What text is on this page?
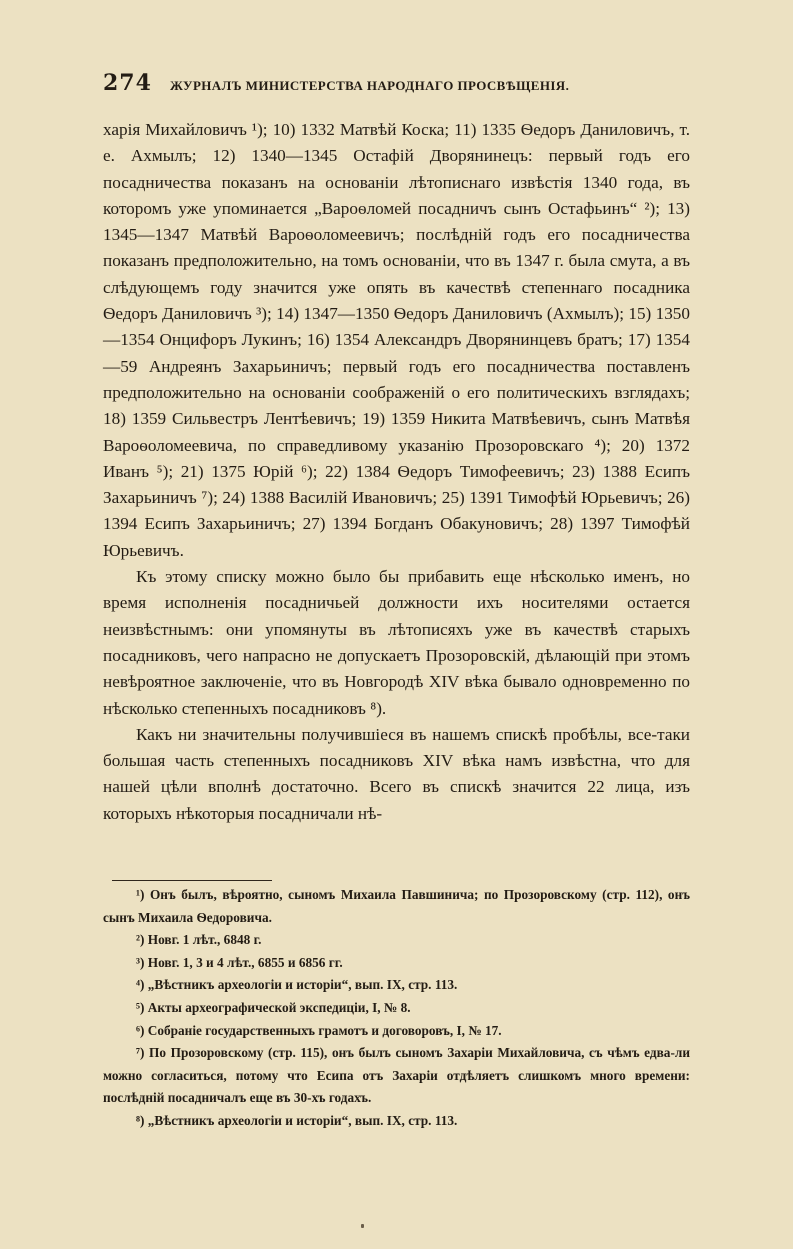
274 ЖУРНАЛЪ МИНИСТЕРСТВА НАРОДНАГО ПРОСВѢЩЕНІЯ.

харія Михайловичъ ¹); 10) 1332 Матвѣй Коска; 11) 1335 Ѳедоръ Даниловичъ, т. е. Ахмылъ; 12) 1340—1345 Остафій Дворянинецъ: первый годъ его посадничества показанъ на основаніи лѣтописнаго извѣстія 1340 года, въ которомъ уже упоминается „Вароѳломей посадничъ сынъ Остафьинъ“ ²); 13) 1345—1347 Матвѣй Вароѳоломеевичъ; послѣдній годъ его посадничества показанъ предположительно, на томъ основаніи, что въ 1347 г. была смута, а въ слѣдующемъ году значится уже опять въ качествѣ степеннаго посадника Ѳедоръ Даниловичъ ³); 14) 1347—1350 Ѳедоръ Даниловичъ (Ахмылъ); 15) 1350—1354 Онцифоръ Лукинъ; 16) 1354 Александръ Дворянинцевъ братъ; 17) 1354—59 Андреянъ Захарьиничъ; первый годъ его посадничества поставленъ предположительно на основаніи соображеній о его политическихъ взглядахъ; 18) 1359 Сильвестръ Лентѣевичъ; 19) 1359 Никита Матвѣевичъ, сынъ Матвѣя Вароѳоломеевича, по справедливому указанію Прозоровскаго ⁴); 20) 1372 Иванъ ⁵); 21) 1375 Юрій ⁶); 22) 1384 Ѳедоръ Тимофеевичъ; 23) 1388 Есипъ Захарьиничъ ⁷); 24) 1388 Василій Ивановичъ; 25) 1391 Тимофѣй Юрьевичъ; 26) 1394 Есипъ Захарьиничъ; 27) 1394 Богданъ Обакуновичъ; 28) 1397 Тимофѣй Юрьевичъ.

Къ этому списку можно было бы прибавить еще нѣсколько именъ, но время исполненія посадничьей должности ихъ носителями остается неизвѣстнымъ: они упомянуты въ лѣтописяхъ уже въ качествѣ старыхъ посадниковъ, чего напрасно не допускаетъ Прозоровскій, дѣлающій при этомъ невѣроятное заключеніе, что въ Новгородѣ XIV вѣка бывало одновременно по нѣсколько степенныхъ посадниковъ ⁸).

Какъ ни значительны получившіеся въ нашемъ спискѣ пробѣлы, все-таки большая часть степенныхъ посадниковъ XIV вѣка намъ извѣстна, что для нашей цѣли вполнѣ достаточно. Всего въ спискѣ значится 22 лица, изъ которыхъ нѣкоторыя посадничали нѣ-

¹) Онъ былъ, вѣроятно, сыномъ Михаила Павшинича; по Прозоровскому (стр. 112), онъ сынъ Михаила Ѳедоровича.

²) Новг. 1 лѣт., 6848 г.

³) Новг. 1, 3 и 4 лѣт., 6855 и 6856 гг.

⁴) „Вѣстникъ археологіи и исторіи“, вып. IX, стр. 113.

⁵) Акты археографической экспедиціи, I, № 8.

⁶) Собраніе государственныхъ грамотъ и договоровъ, I, № 17.

⁷) По Прозоровскому (стр. 115), онъ былъ сыномъ Захаріи Михайловича, съ чѣмъ едва-ли можно согласиться, потому что Есипа отъ Захаріи отдѣляетъ слишкомъ много времени: послѣдній посадничалъ еще въ 30-хъ годахъ.

⁸) „Вѣстникъ археологіи и исторіи“, вып. IX, стр. 113.
